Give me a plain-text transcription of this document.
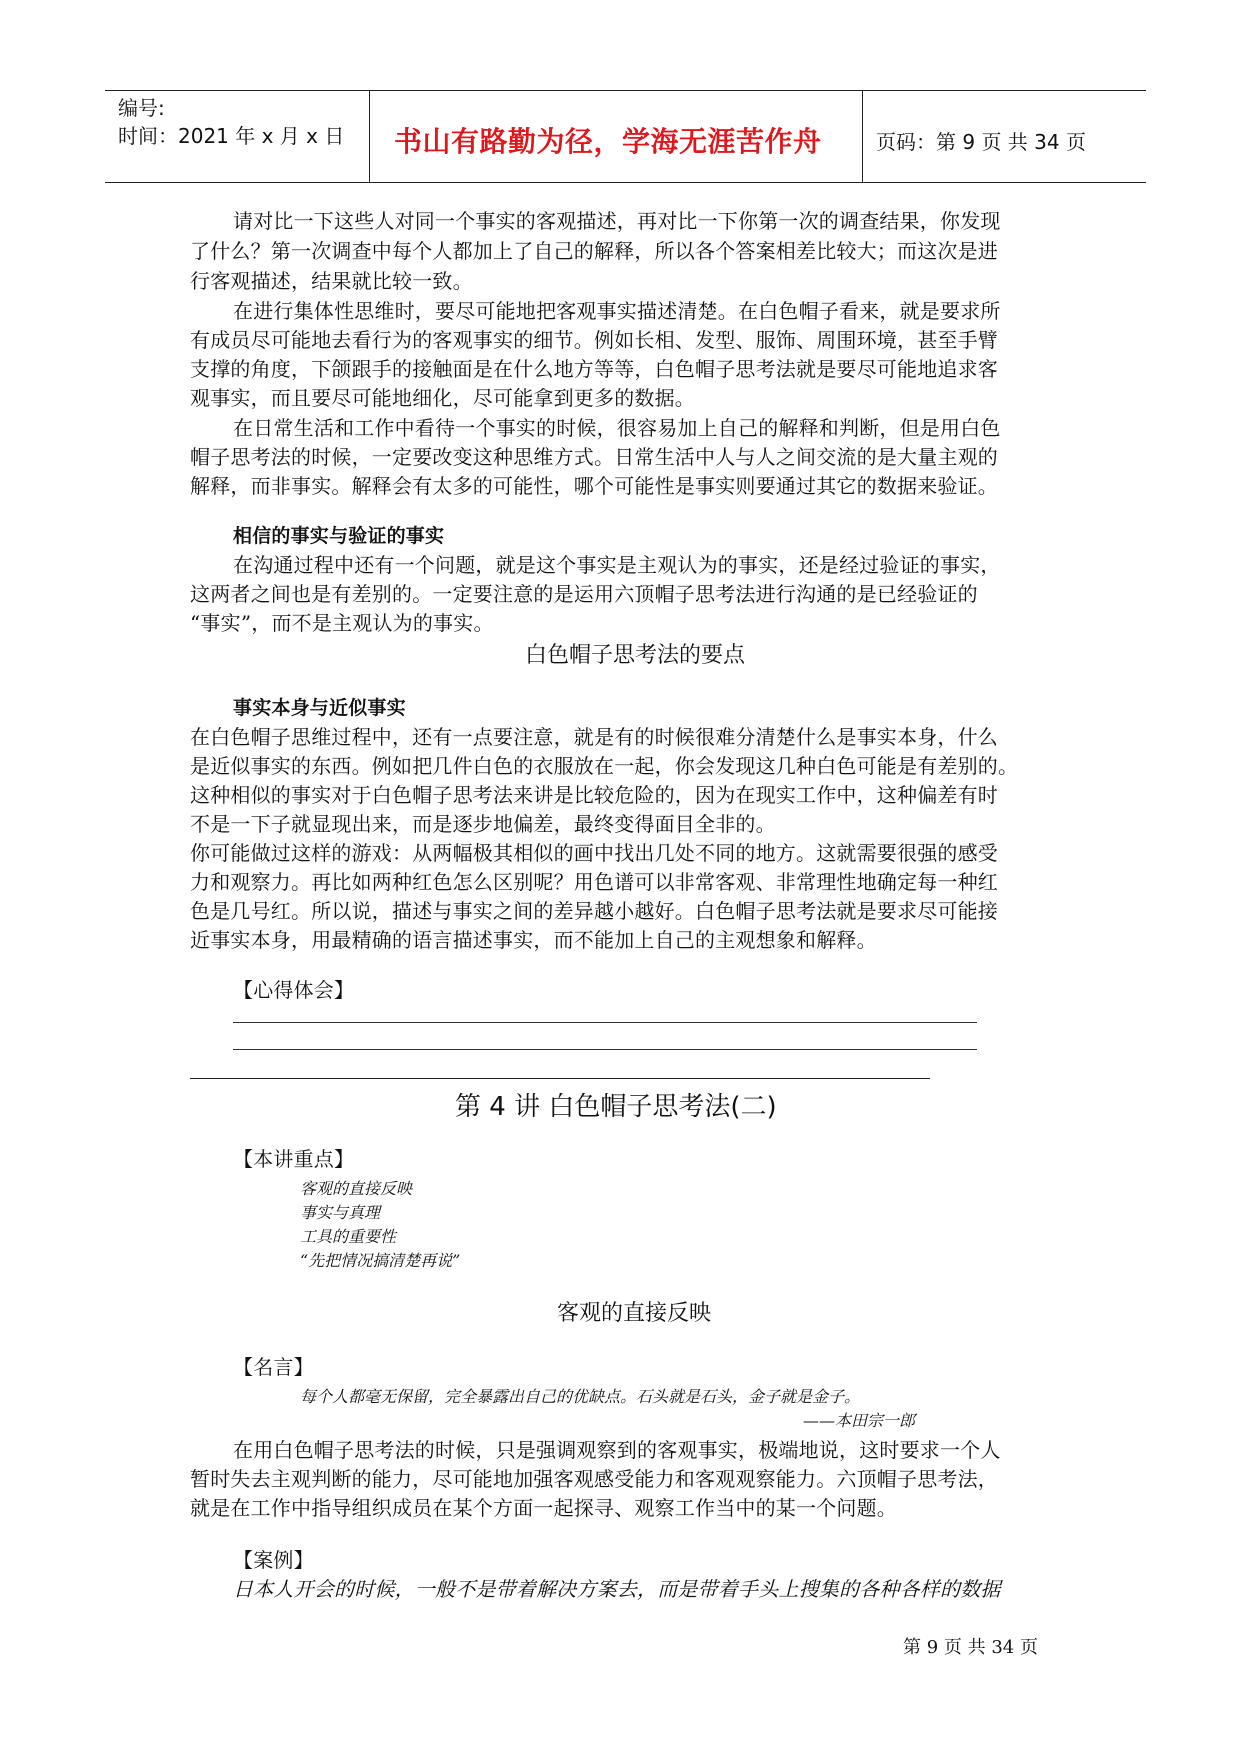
编号:
时间：2021 年 x 月 x 日 书山有路勤为径，学海无涯苦作舟	页码：第 9 页 共 34 页
请对比一下这些人对同一个事实的客观描述，再对比一下你第一次的调查结果，你发现
了什么？第一次调查中每个人都加上了自己的解释，所以各个答案相差比较大；而这次是进
行客观描述，结果就比较一致。
在进行集体性思维时，要尽可能地把客观事实描述清楚。在白色帽子看来，就是要求所
有成员尽可能地去看行为的客观事实的细节。例如长相、发型、服饰、周围环境，甚至手臂
支撑的角度，下颌跟手的接触面是在什么地方等等，白色帽子思考法就是要尽可能地追求客
观事实，而且要尽可能地细化，尽可能拿到更多的数据。
在日常生活和工作中看待一个事实的时候，很容易加上自己的解释和判断，但是用白色
帽子思考法的时候，一定要改变这种思维方式。日常生活中人与人之间交流的是大量主观的
解释，而非事实。解释会有太多的可能性，哪个可能性是事实则要通过其它的数据来验证。
相信的事实与验证的事实
在沟通过程中还有一个问题，就是这个事实是主观认为的事实，还是经过验证的事实，
这两者之间也是有差别的。一定要注意的是运用六顶帽子思考法进行沟通的是已经验证的
“事实”，而不是主观认为的事实。
白色帽子思考法的要点
事实本身与近似事实
在白色帽子思维过程中，还有一点要注意，就是有的时候很难分清楚什么是事实本身，什么
是近似事实的东西。例如把几件白色的衣服放在一起，你会发现这几种白色可能是有差别的。
这种相似的事实对于白色帽子思考法来讲是比较危险的，因为在现实工作中，这种偏差有时
不是一下子就显现出来，而是逐步地偏差，最终变得面目全非的。
你可能做过这样的游戏：从两幅极其相似的画中找出几处不同的地方。这就需要很强的感受
力和观察力。再比如两种红色怎么区别呢？用色谱可以非常客观、非常理性地确定每一种红
色是几号红。所以说，描述与事实之间的差异越小越好。白色帽子思考法就是要求尽可能接
近事实本身，用最精确的语言描述事实，而不能加上自己的主观想象和解释。
【心得体会】
第 4 讲 白色帽子思考法(二)
【本讲重点】
客观的直接反映
事实与真理
工具的重要性
“先把情况搞清楚再说”
客观的直接反映
【名言】
每个人都毫无保留，完全暴露出自己的优缺点。石头就是石头，金子就是金子。
——本田宗一郎
在用白色帽子思考法的时候，只是强调观察到的客观事实，极端地说，这时要求一个人
暂时失去主观判断的能力，尽可能地加强客观感受能力和客观观察能力。六顶帽子思考法，
就是在工作中指导组织成员在某个方面一起探寻、观察工作当中的某一个问题。
【案例】
日本人开会的时候，一般不是带着解决方案去，而是带着手头上搜集的各种各样的数据
第 9 页 共 34 页
